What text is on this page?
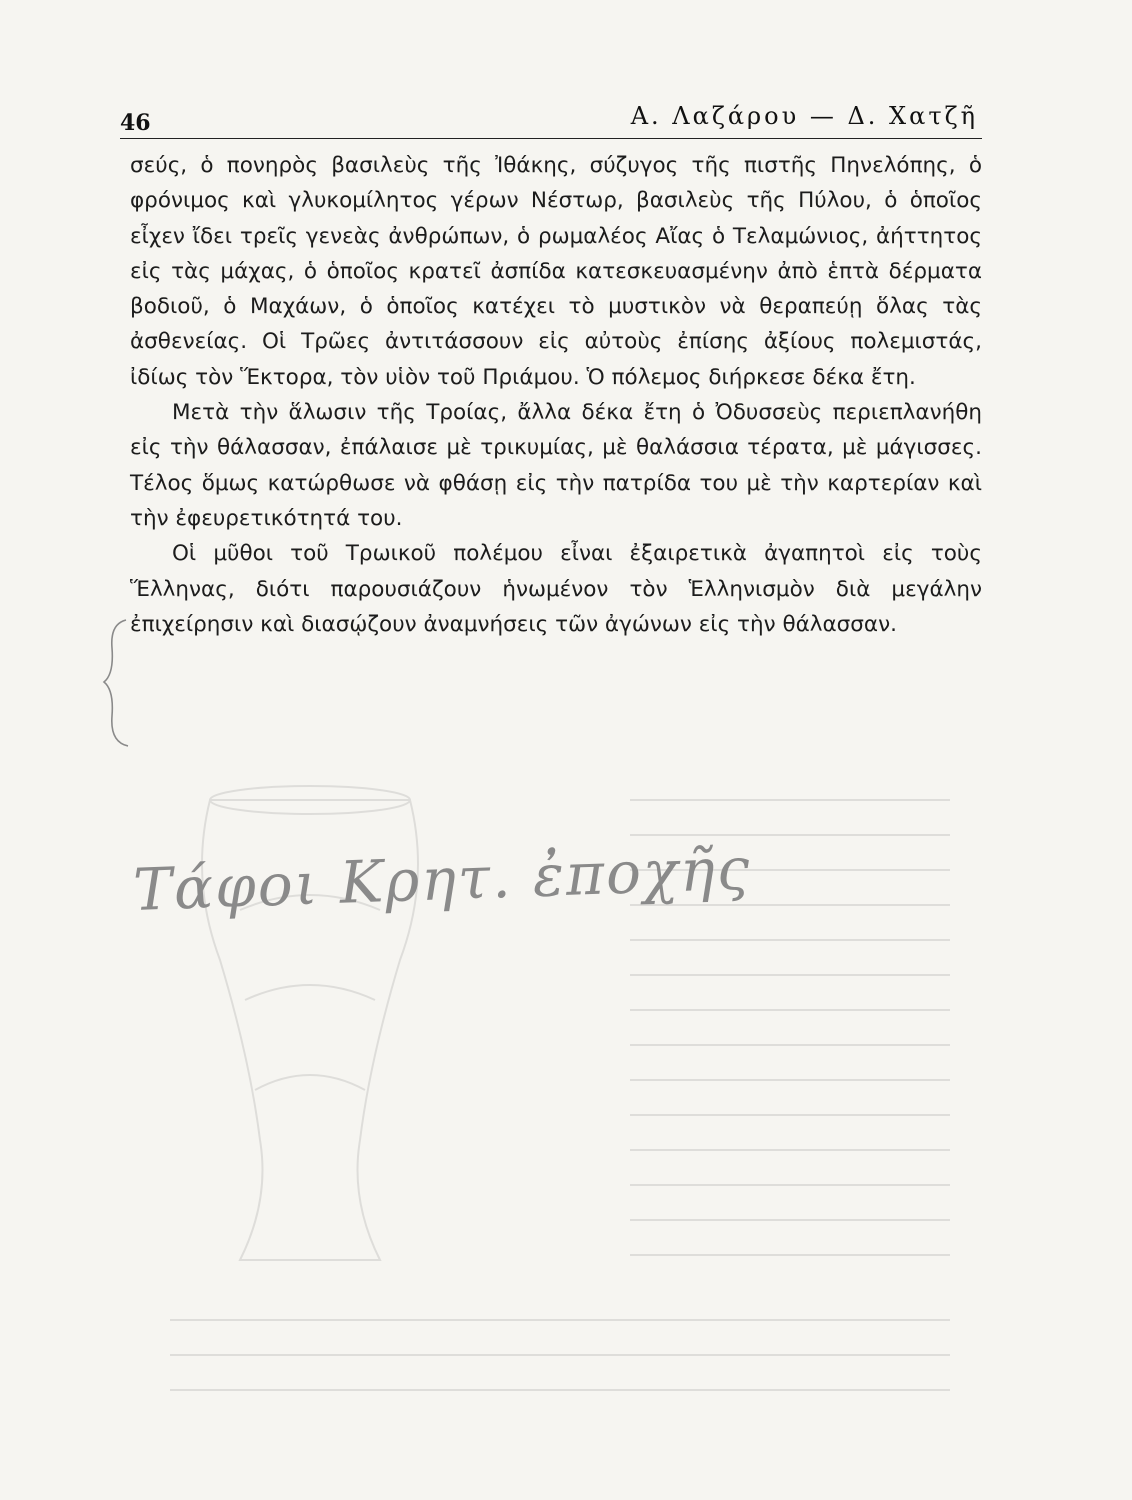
46	Α. Λαζάρου — Δ. Χατζῆ

σεύς, ὁ πονηρὸς βασιλεὺς τῆς Ἰθάκης, σύζυγος τῆς πιστῆς Πηνελόπης, ὁ φρόνιμος καὶ γλυκομίλητος γέρων Νέστωρ, βασιλεὺς τῆς Πύλου, ὁ ὁποῖος εἶχεν ἴδει τρεῖς γενεὰς ἀνθρώπων, ὁ ρωμαλέος Αἴας ὁ Τελαμώνιος, ἀήττητος εἰς τὰς μάχας, ὁ ὁποῖος κρατεῖ ἀσπίδα κατεσκευασμένην ἀπὸ ἑπτὰ δέρματα βοδιοῦ, ὁ Μαχάων, ὁ ὁποῖος κατέχει τὸ μυστικὸν νὰ θεραπεύῃ ὅλας τὰς ἀσθενείας. Οἱ Τρῶες ἀντιτάσσουν εἰς αὐτοὺς ἐπίσης ἀξίους πολεμιστάς, ἰδίως τὸν Ἕκτορα, τὸν υἱὸν τοῦ Πριάμου. Ὁ πόλεμος διήρκεσε δέκα ἔτη.

Μετὰ τὴν ἅλωσιν τῆς Τροίας, ἄλλα δέκα ἔτη ὁ Ὀδυσσεὺς περιεπλανήθη εἰς τὴν θάλασσαν, ἐπάλαισε μὲ τρικυμίας, μὲ θαλάσσια τέρατα, μὲ μάγισσες. Τέλος ὅμως κατώρθωσε νὰ φθάσῃ εἰς τὴν πατρίδα του μὲ τὴν καρτερίαν καὶ τὴν ἐφευρετικότητά του.

Οἱ μῦθοι τοῦ Τρωικοῦ πολέμου εἶναι ἐξαιρετικὰ ἀγαπητοὶ εἰς τοὺς Ἕλληνας, διότι παρουσιάζουν ἡνωμένον τὸν Ἑλληνισμὸν διὰ μεγάλην ἐπιχείρησιν καὶ διασῴζουν ἀναμνήσεις τῶν ἀγώνων εἰς τὴν θάλασσαν.

Τάφοι Κρητ. ἐποχῆς
